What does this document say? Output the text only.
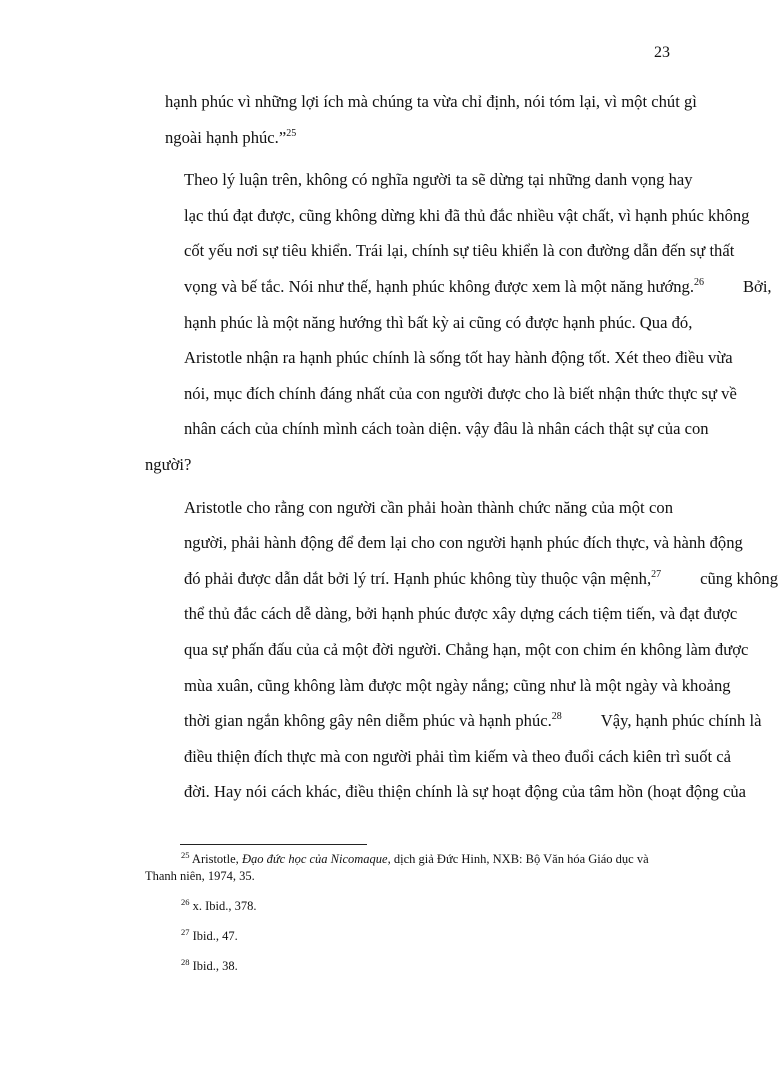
23

hạnh phúc vì những lợi ích mà chúng ta vừa chỉ định, nói tóm lại, vì một chút gì
ngoài hạnh phúc.”$^{25}$

Theo lý luận trên, không có nghĩa người ta sẽ dừng tại những danh vọng hay
lạc thú đạt được, cũng không dừng khi đã thủ đắc nhiều vật chất, vì hạnh phúc không
cốt yếu nơi sự tiêu khiển. Trái lại, chính sự tiêu khiển là con đường dẫn đến sự thất
vọng và bế tắc. Nói như thế, hạnh phúc không được xem là một năng hướng.$^{26}$	Bởi,
hạnh phúc là một năng hướng thì bất kỳ ai cũng có được hạnh phúc. Qua đó,
Aristotle nhận ra hạnh phúc chính là sống tốt hay hành động tốt. Xét theo điều vừa
nói, mục đích chính đáng nhất của con người được cho là biết nhận thức thực sự về
nhân cách của chính mình cách toàn diện. vậy đâu là nhân cách thật sự của con
người?

Aristotle cho rằng con người cần phải hoàn thành chức năng của một con
người, phải hành động để đem lại cho con người hạnh phúc đích thực, và hành động
đó phải được dẫn dắt bởi lý trí. Hạnh phúc không tùy thuộc vận mệnh,$^{27}$	cũng không
thể thủ đắc cách dễ dàng, bởi hạnh phúc được xây dựng cách tiệm tiến, và đạt được
qua sự phấn đấu của cả một đời người. Chẳng hạn, một con chim én không làm được
mùa xuân, cũng không làm được một ngày nắng; cũng như là một ngày và khoảng
thời gian ngắn không gây nên diễm phúc và hạnh phúc.$^{28}$	Vậy, hạnh phúc chính là
điều thiện đích thực mà con người phải tìm kiếm và theo đuổi cách kiên trì suốt cả
đời. Hay nói cách khác, điều thiện chính là sự hoạt động của tâm hồn (hoạt động của

$^{25}$ Aristotle, Đạo đức học của Nicomaque, dịch giả Đức Hinh, NXB: Bộ Văn hóa Giáo dục và
Thanh niên, 1974, 35.
$^{26}$ x. Ibid., 378.
$^{27}$ Ibid., 47.
$^{28}$ Ibid., 38.
